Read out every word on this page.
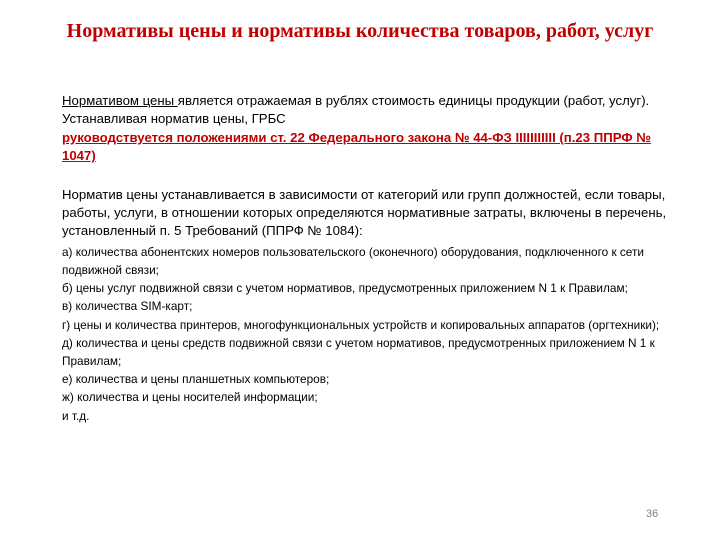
Нормативы цены и нормативы количества товаров, работ, услуг
Нормативом цены является отражаемая в рублях стоимость единицы продукции (работ, услуг).
Устанавливая норматив цены, ГРБС
руководствуется положениями ст. 22 Федерального закона № 44-ФЗ IIIIIIIIIII (п.23 ППРФ № 1047)
Норматив цены устанавливается в зависимости от категорий или групп должностей, если товары, работы, услуги, в отношении которых определяются нормативные затраты, включены в перечень, установленный п. 5 Требований (ППРФ № 1084):
а) количества абонентских номеров пользовательского (оконечного) оборудования, подключенного к сети подвижной связи;
б) цены услуг подвижной связи с учетом нормативов, предусмотренных приложением N 1 к Правилам;
в) количества SIM-карт;
г) цены и количества принтеров, многофункциональных устройств и копировальных аппаратов (оргтехники);
д) количества и цены средств подвижной связи с учетом нормативов, предусмотренных приложением N 1 к Правилам;
е) количества и цены планшетных компьютеров;
ж) количества и цены носителей информации;
и т.д.
36
